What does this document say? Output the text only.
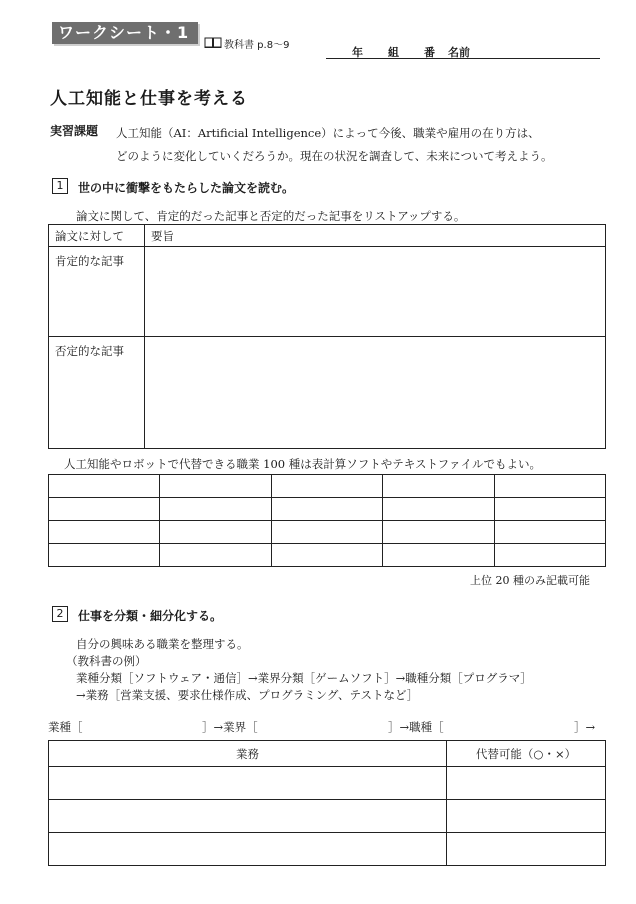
ワークシート・1
教科書 p.8〜9
年 組 番 名前
人工知能と仕事を考える
実習課題 人工知能（AI：Artificial Intelligence）によって今後、職業や雇用の在り方は、
どのように変化していくだろうか。現在の状況を調査して、未来について考えよう。
1	世の中に衝撃をもたらした論文を読む。
論文に関して、肯定的だった記事と否定的だった記事をリストアップする。
論文に対して	要旨
肯定的な記事	
否定的な記事	
人工知能やロボットで代替できる職業 100 種は表計算ソフトやテキストファイルでもよい。

上位 20 種のみ記載可能
2	仕事を分類・細分化する。
自分の興味ある職業を整理する。
（教科書の例）
業種分類［ソフトウェア・通信］→業界分類［ゲームソフト］→職種分類［プログラマ］
→業務［営業支援、要求仕様作成、プログラミング、テストなど］
業種［	］→業界［	］→職種［	］→
業務	代替可能（○・×）
